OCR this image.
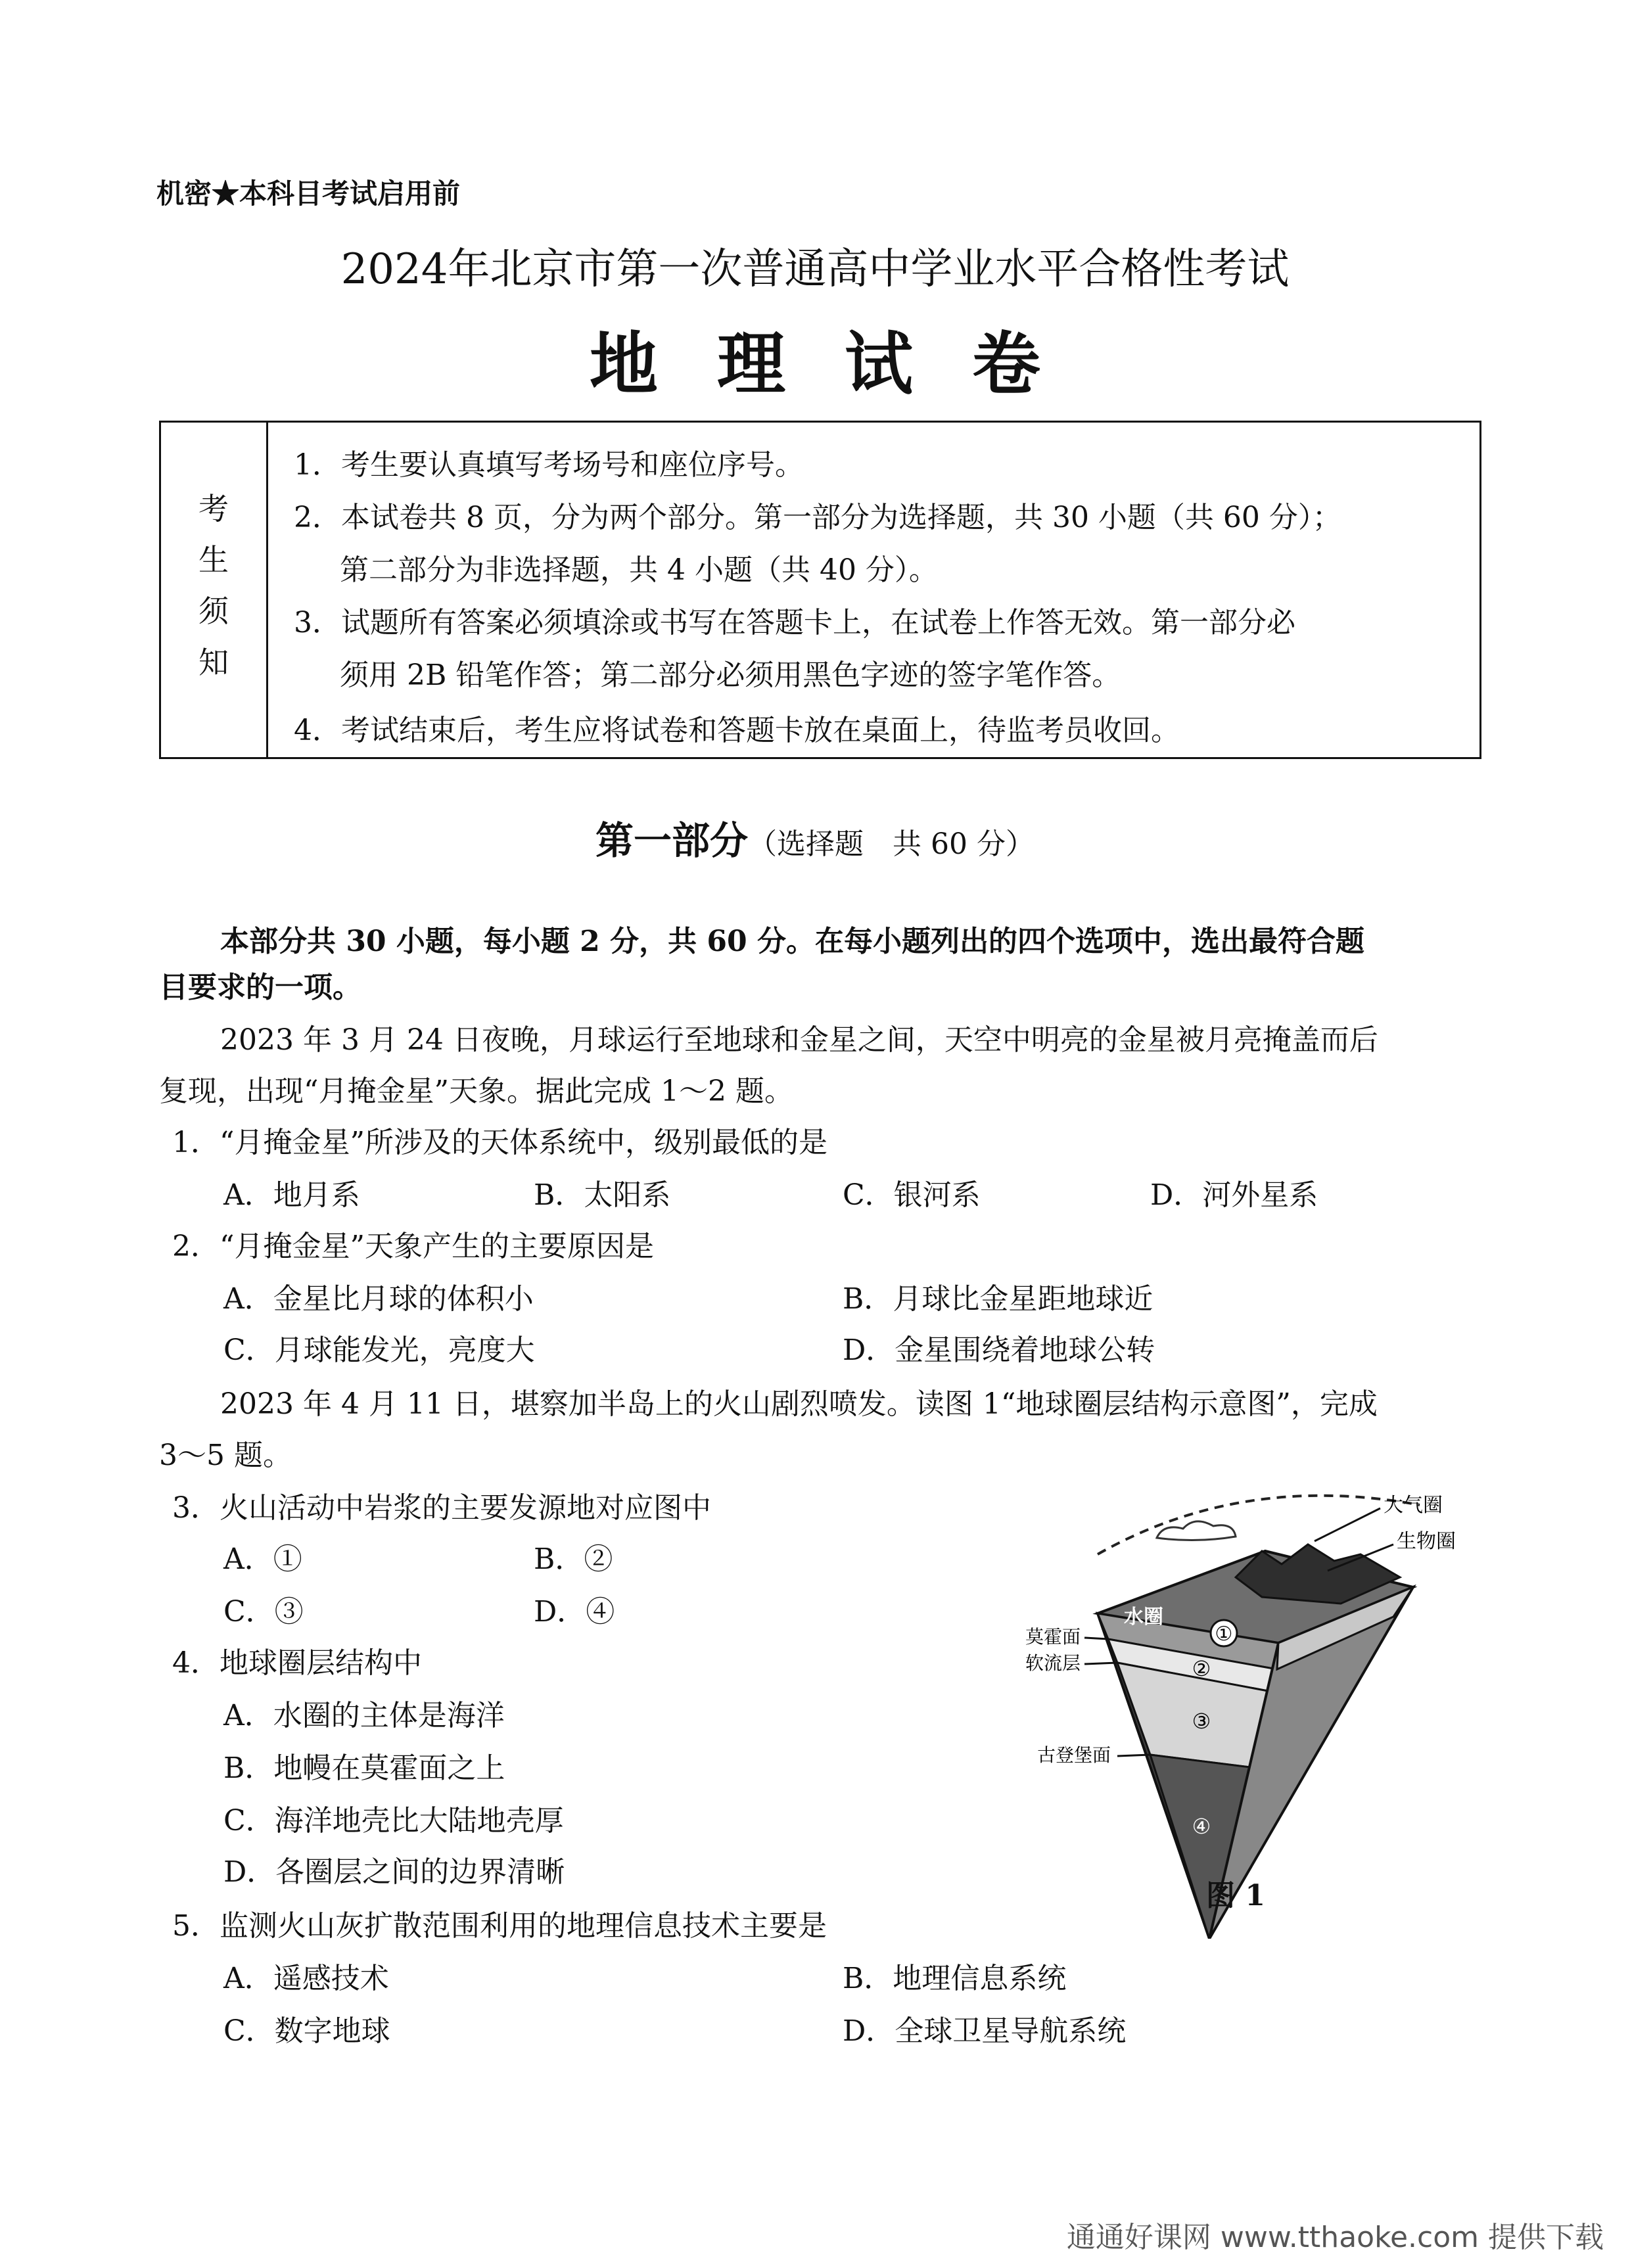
机密★本科目考试启用前
2024年北京市第一次普通高中学业水平合格性考试
地理试卷
考生须知
1．考生要认真填写考场号和座位序号。
2．本试卷共 8 页，分为两个部分。第一部分为选择题，共 30 小题（共 60 分）；
第二部分为非选择题，共 4 小题（共 40 分）。
3．试题所有答案必须填涂或书写在答题卡上，在试卷上作答无效。第一部分必
须用 2B 铅笔作答；第二部分必须用黑色字迹的签字笔作答。
4．考试结束后，考生应将试卷和答题卡放在桌面上，待监考员收回。
第一部分（选择题　共 60 分）
本部分共 30 小题，每小题 2 分，共 60 分。在每小题列出的四个选项中，选出最符合题
目要求的一项。
2023 年 3 月 24 日夜晚，月球运行至地球和金星之间，天空中明亮的金星被月亮掩盖而后
复现，出现“月掩金星”天象。据此完成 1～2 题。
1．“月掩金星”所涉及的天体系统中，级别最低的是
A．地月系	B．太阳系	C．银河系	D．河外星系
2．“月掩金星”天象产生的主要原因是
A．金星比月球的体积小	B．月球比金星距地球近
C．月球能发光，亮度大	D．金星围绕着地球公转
2023 年 4 月 11 日，堪察加半岛上的火山剧烈喷发。读图 1“地球圈层结构示意图”，完成
3～5 题。
3．火山活动中岩浆的主要发源地对应图中
A．①	B．②
C．③	D．④
4．地球圈层结构中
A．水圈的主体是海洋
B．地幔在莫霍面之上
C．海洋地壳比大陆地壳厚
D．各圈层之间的边界清晰
5．监测火山灰扩散范围利用的地理信息技术主要是
A．遥感技术	B．地理信息系统
C．数字地球	D．全球卫星导航系统
水圈
①
②
③
④
大气圈
生物圈
莫霍面
软流层
古登堡面
图 1
通通好课网 www.tthaoke.com 提供下载
